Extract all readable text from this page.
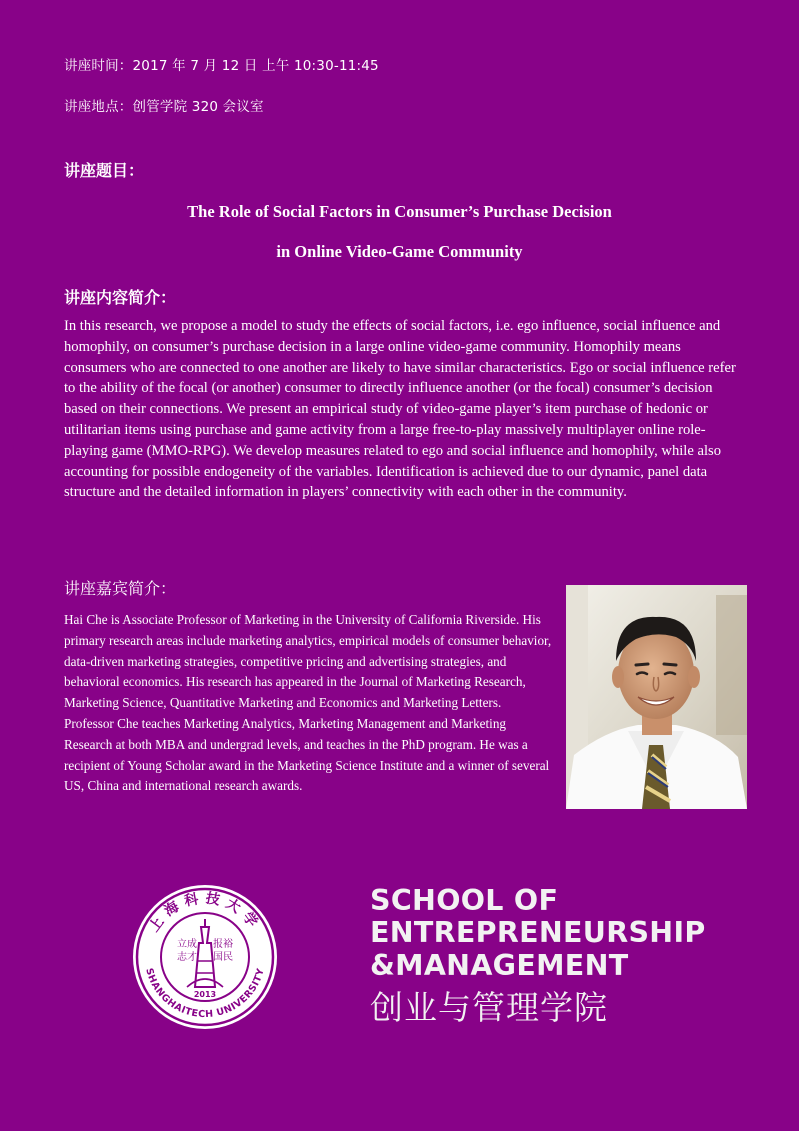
讲座时间：2017 年 7 月 12 日 上午 10:30-11:45
讲座地点：创管学院 320 会议室
讲座题目：
The Role of Social Factors in Consumer’s Purchase Decision
in Online Video-Game Community
讲座内容简介：
In this research, we propose a model to study the effects of social factors, i.e. ego influence, social influence and homophily, on consumer’s purchase decision in a large online video-game community. Homophily means consumers who are connected to one another are likely to have similar characteristics. Ego or social influence refer to the ability of the focal (or another) consumer to directly influence another (or the focal) consumer’s decision based on their connections. We present an empirical study of video-game player’s item purchase of hedonic or utilitarian items using purchase and game activity from a large free-to-play massively multiplayer online role-playing game (MMO-RPG). We develop measures related to ego and social influence and homophily, while also accounting for possible endogeneity of the variables. Identification is achieved due to our dynamic, panel data structure and the detailed information in players’ connectivity with each other in the community.
讲座嘉宾简介：
Hai Che is Associate Professor of Marketing in the University of California Riverside. His primary research areas include marketing analytics, empirical models of consumer behavior, data-driven marketing strategies, competitive pricing and advertising strategies, and behavioral economics. His research has appeared in the Journal of Marketing Research, Marketing Science, Quantitative Marketing and Economics and Marketing Letters. Professor Che teaches Marketing Analytics, Marketing Management and Marketing Research at both MBA and undergrad levels, and teaches in the PhD program. He was a recipient of Young Scholar award in the Marketing Science Institute and a winner of several US, China and international research awards.
上海科技大学
SHANGHAITECH UNIVERSITY
立志成才报国裕民
立成
志才
报裕
国民
2013
SCHOOL OF
ENTREPRENEURSHIP
&MANAGEMENT
创业与管理学院
